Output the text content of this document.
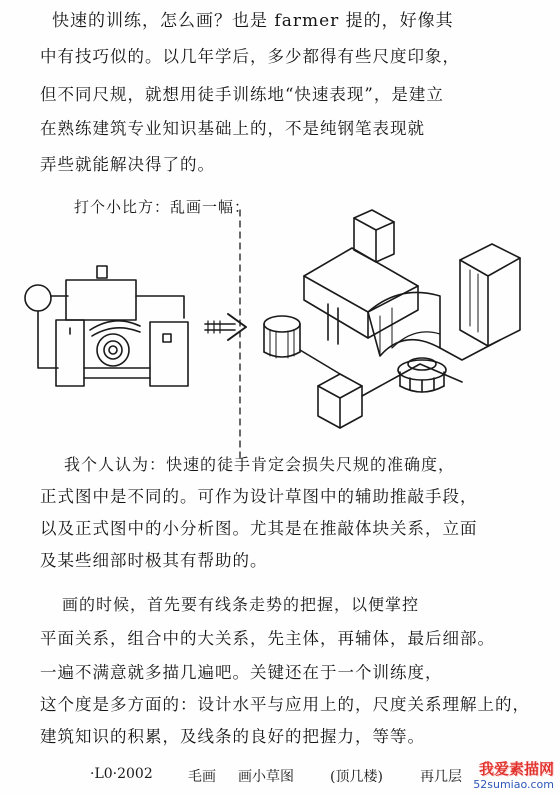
快速的训练，怎么画？也是 farmer 提的，好像其
中有技巧似的。以几年学后，多少都得有些尺度印象，
但不同尺规，就想用徒手训练地“快速表现”，是建立
在熟练建筑专业知识基础上的，不是纯钢笔表现就
弄些就能解决得了的。
打个小比方：乱画一幅：
我个人认为：快速的徒手肯定会损失尺规的准确度，
正式图中是不同的。可作为设计草图中的辅助推敲手段，
以及正式图中的小分析图。尤其是在推敲体块关系，立面
及某些细部时极其有帮助的。
画的时候，首先要有线条走势的把握，以便掌控
平面关系，组合中的大关系，先主体，再辅体，最后细部。
一遍不满意就多描几遍吧。关键还在于一个训练度，
这个度是多方面的：设计水平与应用上的，尺度关系理解上的，
建筑知识的积累，及线条的良好的把握力，等等。
·L0·2002	毛画 画小草图	(顶几楼)	再几层	我爱素描网
52sumiao.com
